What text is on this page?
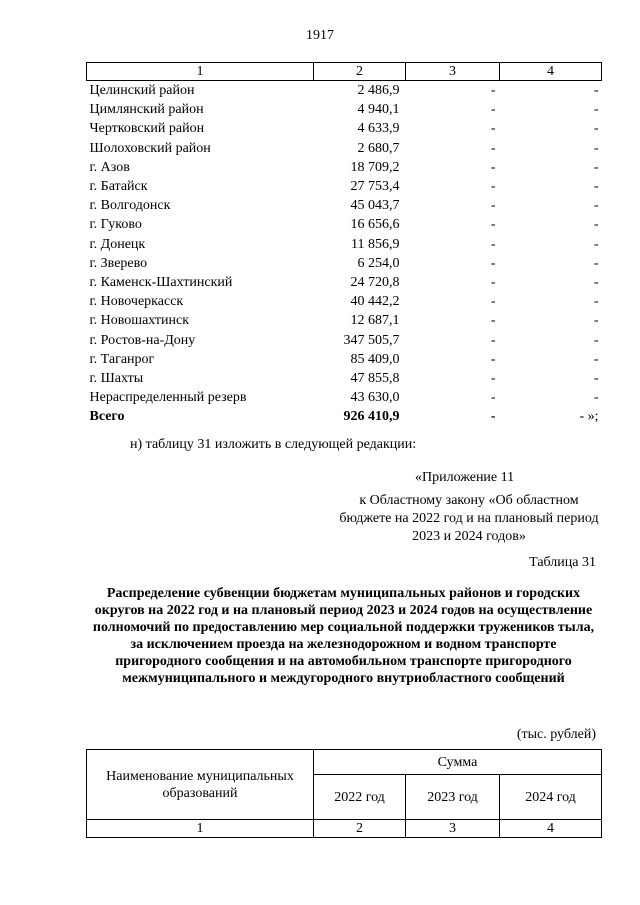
1917
1	2	3	4
Целинский район	2 486,9	-	-
Цимлянский район	4 940,1	-	-
Чертковский район	4 633,9	-	-
Шолоховский район	2 680,7	-	-
г. Азов	18 709,2	-	-
г. Батайск	27 753,4	-	-
г. Волгодонск	45 043,7	-	-
г. Гуково	16 656,6	-	-
г. Донецк	11 856,9	-	-
г. Зверево	6 254,0	-	-
г. Каменск-Шахтинский	24 720,8	-	-
г. Новочеркасск	40 442,2	-	-
г. Новошахтинск	12 687,1	-	-
г. Ростов-на-Дону	347 505,7	-	-
г. Таганрог	85 409,0	-	-
г. Шахты	47 855,8	-	-
Нераспределенный резерв	43 630,0	-	-
Всего	926 410,9	-	- »;
н) таблицу 31 изложить в следующей редакции:
«Приложение 11
к Областному закону «Об областном бюджете на 2022 год и на плановый период 2023 и 2024 годов»
Таблица 31
Распределение субвенции бюджетам муниципальных районов и городских округов на 2022 год и на плановый период 2023 и 2024 годов на осуществление полномочий по предоставлению мер социальной поддержки тружеников тыла, за исключением проезда на железнодорожном и водном транспорте пригородного сообщения и на автомобильном транспорте пригородного межмуниципального и междугородного внутриобластного сообщений
(тыс. рублей)
Наименование муниципальных образований	Сумма		
	2022 год	2023 год	2024 год
1	2	3	4
